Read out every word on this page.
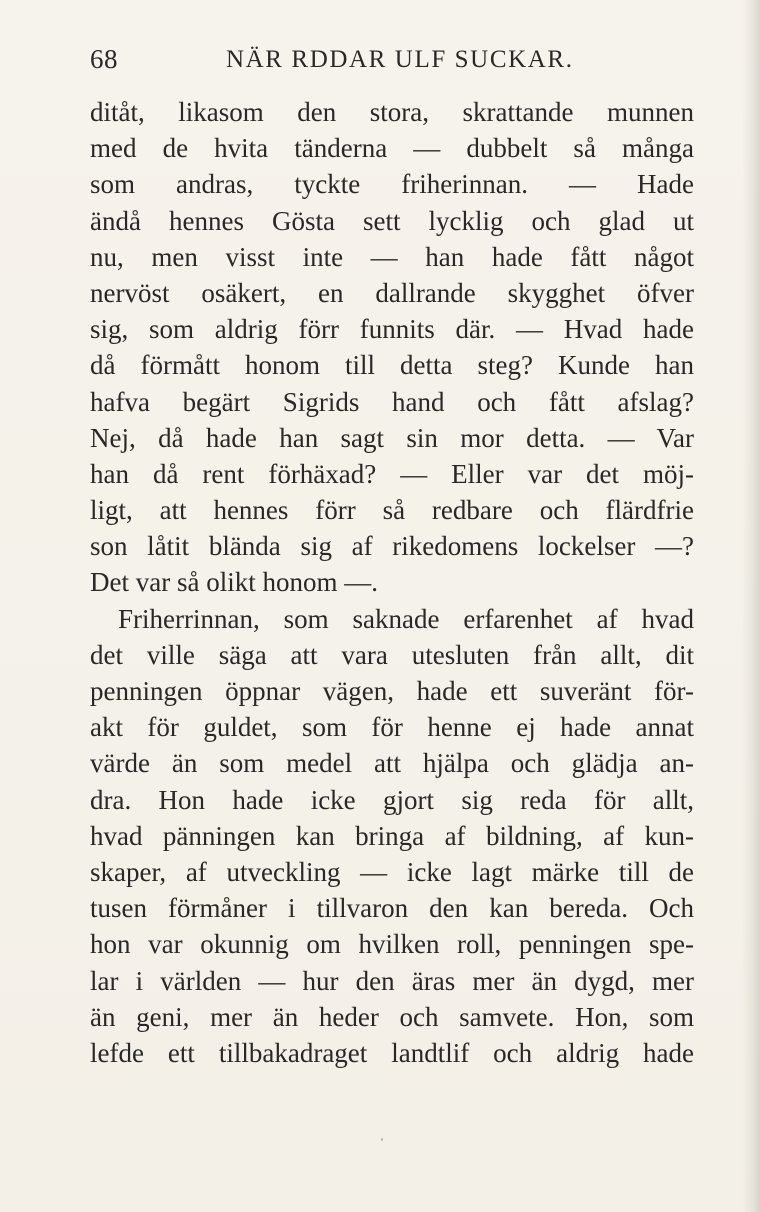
68	NÄR RDDAR ULF SUCKAR.
ditåt, likasom den stora, skrattande munnen
med de hvita tänderna — dubbelt så många
som andras, tyckte friherinnan. — Hade
ändå hennes Gösta sett lycklig och glad ut
nu, men visst inte — han hade fått något
nervöst osäkert, en dallrande skygghet öfver
sig, som aldrig förr funnits där. — Hvad hade
då förmått honom till detta steg? Kunde han
hafva begärt Sigrids hand och fått afslag?
Nej, då hade han sagt sin mor detta. — Var
han då rent förhäxad? — Eller var det möj-
ligt, att hennes förr så redbare och flärdfrie
son låtit blända sig af rikedomens lockelser —?
Det var så olikt honom —.
Friherrinnan, som saknade erfarenhet af hvad
det ville säga att vara utesluten från allt, dit
penningen öppnar vägen, hade ett suveränt för-
akt för guldet, som för henne ej hade annat
värde än som medel att hjälpa och glädja an-
dra. Hon hade icke gjort sig reda för allt,
hvad pänningen kan bringa af bildning, af kun-
skaper, af utveckling — icke lagt märke till de
tusen förmåner i tillvaron den kan bereda. Och
hon var okunnig om hvilken roll, penningen spe-
lar i världen — hur den äras mer än dygd, mer
än geni, mer än heder och samvete. Hon, som
lefde ett tillbakadraget landtlif och aldrig hade
